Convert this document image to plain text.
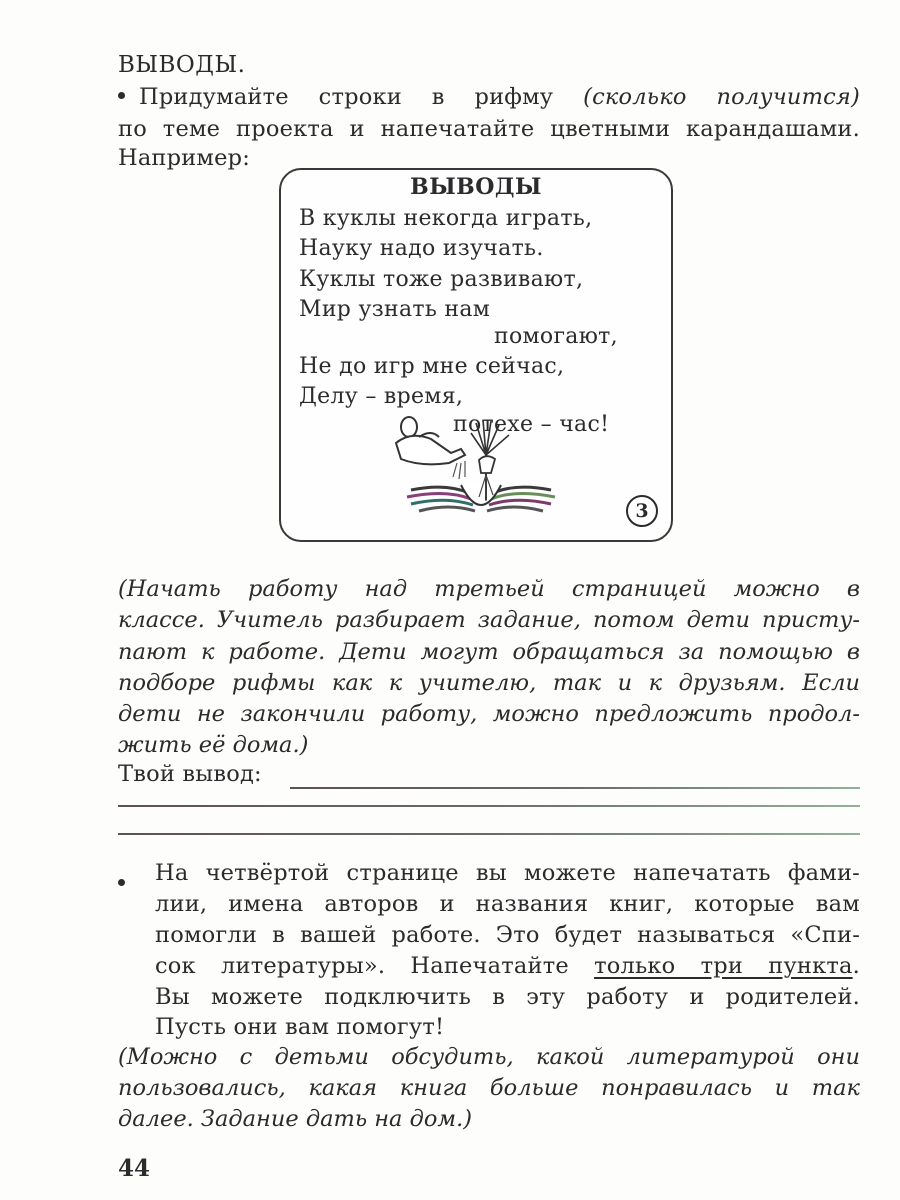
ВЫВОДЫ.
Придумайте строки в рифму (сколько получится)
по теме проекта и напечатайте цветными карандашами.
Например:
ВЫВОДЫ
В куклы некогда играть,
Науку надо изучать.
Куклы тоже развивают,
Мир узнать нам
помогают,
Не до игр мне сейчас,
Делу – время,
потехе – час!
3
(Начать работу над третьей страницей можно в
классе. Учитель разбирает задание, потом дети присту-
пают к работе. Дети могут обращаться за помощью в
подборе рифмы как к учителю, так и к друзьям. Если
дети не закончили работу, можно предложить продол-
жить её дома.)
Твой вывод:
На четвёртой странице вы можете напечатать фами-
лии, имена авторов и названия книг, которые вам
помогли в вашей работе. Это будет называться «Спи-
сок литературы». Напечатайте только три пункта.
Вы можете подключить в эту работу и родителей.
Пусть они вам помогут!
(Можно с детьми обсудить, какой литературой они
пользовались, какая книга больше понравилась и так
далее. Задание дать на дом.)
44
